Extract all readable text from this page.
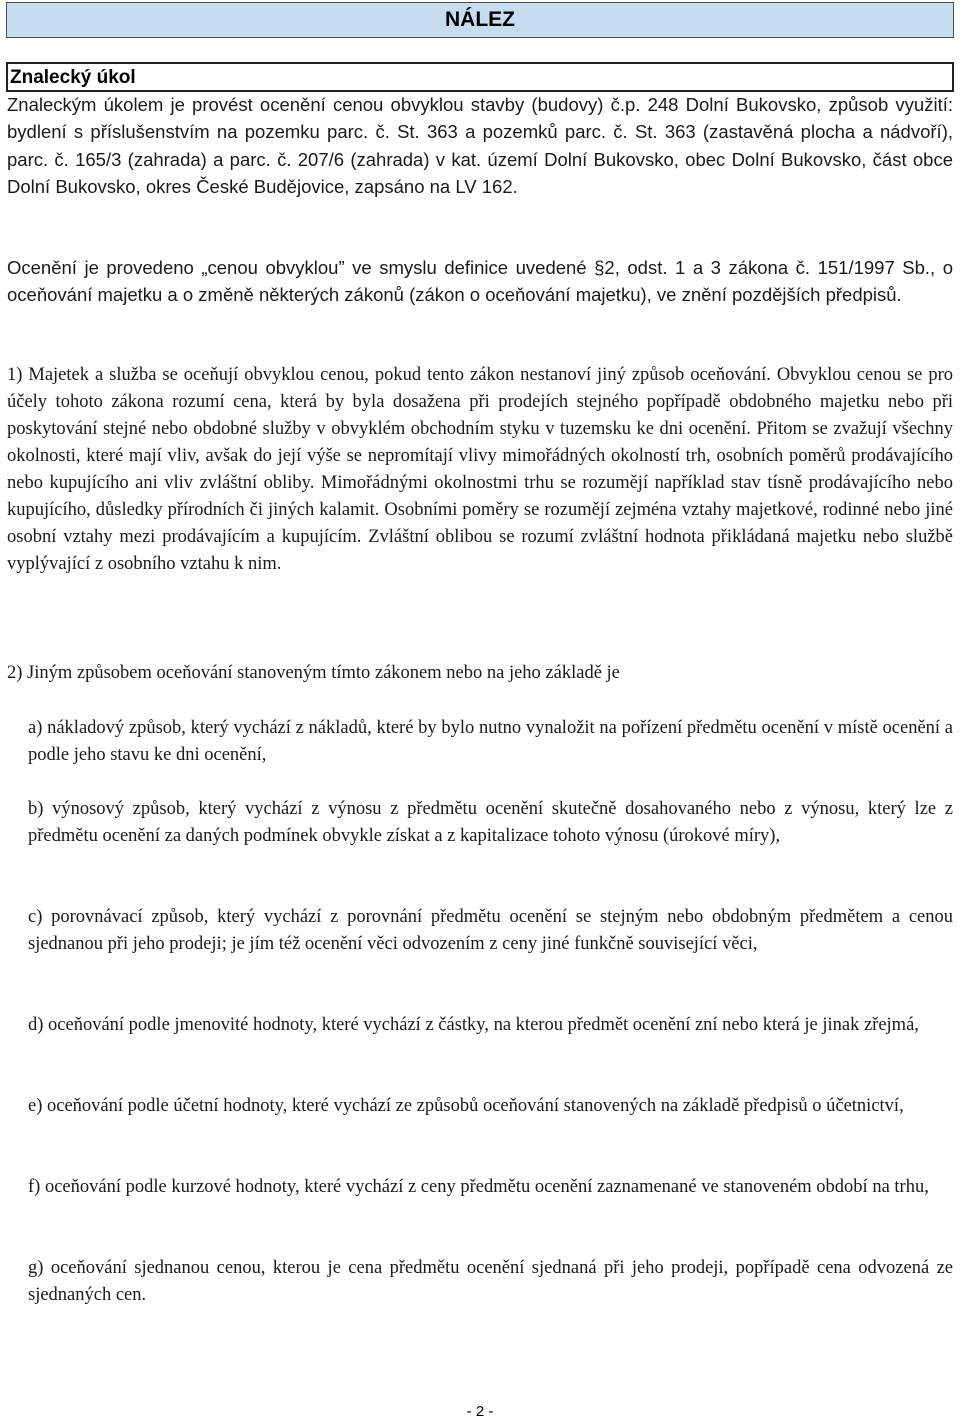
NÁLEZ
Znalecký úkol

Znaleckým úkolem je provést ocenění cenou obvyklou stavby (budovy) č.p. 248 Dolní Bukovsko, způsob využití: bydlení s příslušenstvím na pozemku parc. č. St. 363 a pozemků parc. č. St. 363 (zastavěná plocha a nádvoří), parc. č. 165/3 (zahrada) a parc. č. 207/6 (zahrada) v kat. území Dolní Bukovsko, obec Dolní Bukovsko, část obce Dolní Bukovsko, okres České Budějovice, zapsáno na LV 162.

Ocenění je provedeno „cenou obvyklou” ve smyslu definice uvedené §2, odst. 1 a 3 zákona č. 151/1997 Sb., o oceňování majetku a o změně některých zákonů (zákon o oceňování majetku), ve znění pozdějších předpisů.

1) Majetek a služba se oceňují obvyklou cenou, pokud tento zákon nestanoví jiný způsob oceňování. Obvyklou cenou se pro účely tohoto zákona rozumí cena, která by byla dosažena při prodejích stejného popřípadě obdobného majetku nebo při poskytování stejné nebo obdobné služby v obvyklém obchodním styku v tuzemsku ke dni ocenění. Přitom se zvažují všechny okolnosti, které mají vliv, avšak do její výše se nepromítají vlivy mimořádných okolností trh, osobních poměrů prodávajícího nebo kupujícího ani vliv zvláštní obliby. Mimořádnými okolnostmi trhu se rozumějí například stav tísně prodávajícího nebo kupujícího, důsledky přírodních či jiných kalamit. Osobními poměry se rozumějí zejména vztahy majetkové, rodinné nebo jiné osobní vztahy mezi prodávajícím a kupujícím. Zvláštní oblibou se rozumí zvláštní hodnota přikládaná majetku nebo službě vyplývající z osobního vztahu k nim.

2) Jiným způsobem oceňování stanoveným tímto zákonem nebo na jeho základě je

a) nákladový způsob, který vychází z nákladů, které by bylo nutno vynaložit na pořízení předmětu ocenění v místě ocenění a podle jeho stavu ke dni ocenění,

b) výnosový způsob, který vychází z výnosu z předmětu ocenění skutečně dosahovaného nebo z výnosu, který lze z předmětu ocenění za daných podmínek obvykle získat a z kapitalizace tohoto výnosu (úrokové míry),

c) porovnávací způsob, který vychází z porovnání předmětu ocenění se stejným nebo obdobným předmětem a cenou sjednanou při jeho prodeji; je jím též ocenění věci odvozením z ceny jiné funkčně související věci,

d) oceňování podle jmenovité hodnoty, které vychází z částky, na kterou předmět ocenění zní nebo která je jinak zřejmá,

e) oceňování podle účetní hodnoty, které vychází ze způsobů oceňování stanovených na základě předpisů o účetnictví,

f) oceňování podle kurzové hodnoty, které vychází z ceny předmětu ocenění zaznamenané ve stanoveném období na trhu,

g) oceňování sjednanou cenou, kterou je cena předmětu ocenění sjednaná při jeho prodeji, popřípadě cena odvozená ze sjednaných cen.

- 2 -
